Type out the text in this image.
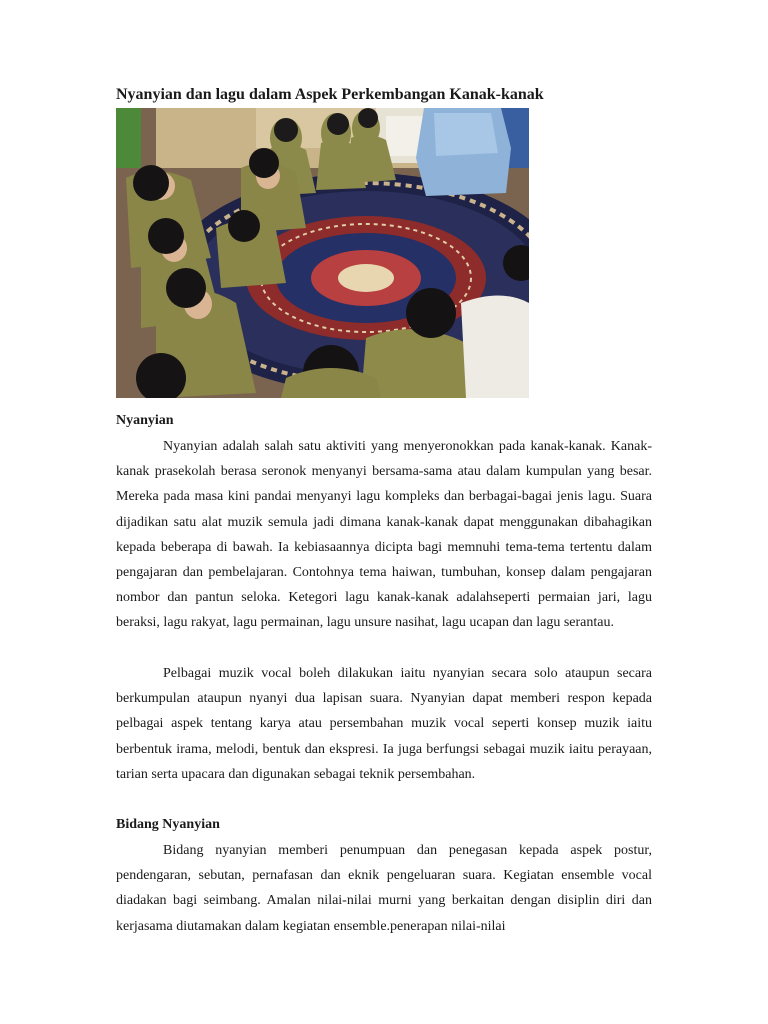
Nyanyian dan lagu dalam Aspek Perkembangan Kanak-kanak
Nyanyian

Nyanyian adalah salah satu aktiviti yang menyeronokkan pada kanak-kanak. Kanak-kanak prasekolah berasa seronok menyanyi bersama-sama atau dalam kumpulan yang besar. Mereka pada masa kini pandai menyanyi lagu kompleks dan berbagai-bagai jenis lagu. Suara dijadikan satu alat muzik semula jadi dimana kanak-kanak dapat menggunakan dibahagikan kepada beberapa di bawah. Ia kebiasaannya dicipta bagi memnuhi tema-tema tertentu dalam pengajaran dan pembelajaran. Contohnya tema haiwan, tumbuhan, konsep dalam pengajaran nombor dan pantun seloka. Ketegori lagu kanak-kanak adalahseperti permaian jari, lagu beraksi, lagu rakyat, lagu permainan, lagu unsure nasihat, lagu ucapan dan lagu serantau.

Pelbagai muzik vocal boleh dilakukan iaitu nyanyian secara solo ataupun secara berkumpulan ataupun nyanyi dua lapisan suara. Nyanyian dapat memberi respon kepada pelbagai aspek tentang karya atau persembahan muzik vocal seperti konsep muzik iaitu berbentuk irama, melodi, bentuk dan ekspresi. Ia juga berfungsi sebagai muzik iaitu perayaan, tarian serta upacara dan digunakan sebagai teknik persembahan.

Bidang Nyanyian

Bidang nyanyian memberi penumpuan dan penegasan kepada aspek postur, pendengaran, sebutan, pernafasan dan eknik pengeluaran suara. Kegiatan ensemble vocal diadakan bagi seimbang. Amalan nilai-nilai murni yang berkaitan dengan disiplin diri dan kerjasama diutamakan dalam kegiatan ensemble.penerapan nilai-nilai
